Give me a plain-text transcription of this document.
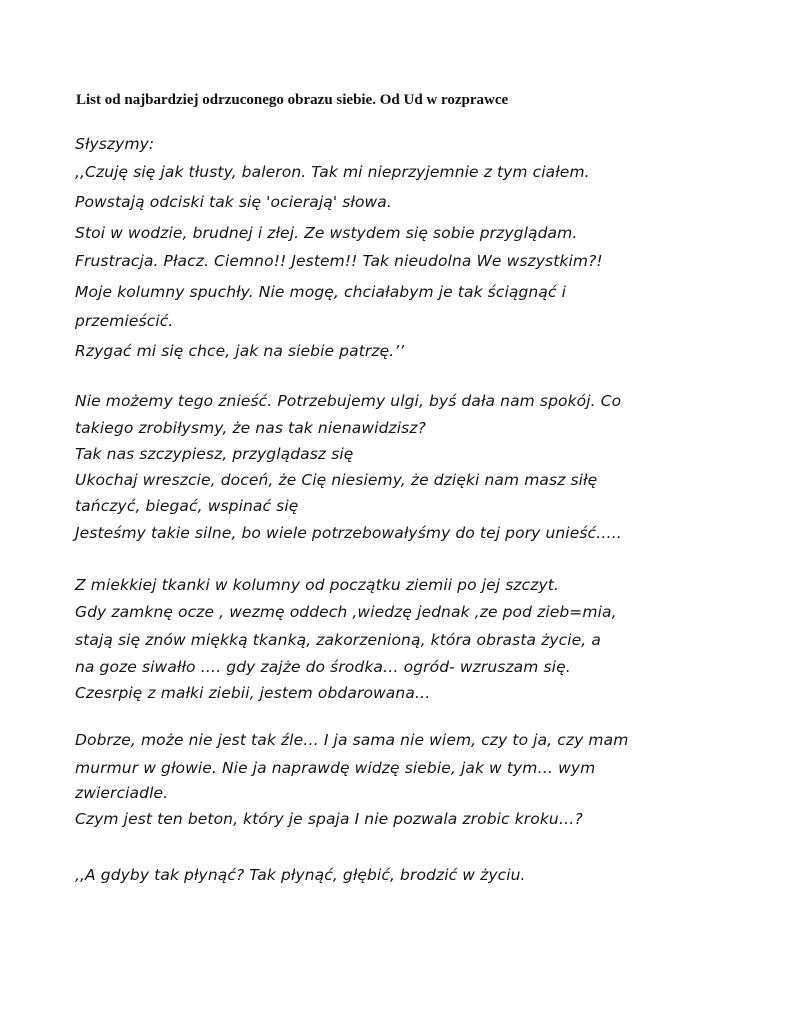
List od najbardziej odrzuconego obrazu siebie. Od Ud w rozprawce
Słyszymy:
,,Czuję się jak tłusty, baleron. Tak mi nieprzyjemnie z tym ciałem.
Powstają odciski tak się 'ocierają' słowa.
Stoi w wodzie, brudnej i złej. Ze wstydem się sobie przyglądam.
Frustracja. Płacz. Ciemno!! Jestem!! Tak nieudolna We wszystkim?!
Moje kolumny spuchły. Nie mogę, chciałabym je tak ściągnąć i
przemieścić.
Rzygać mi się chce, jak na siebie patrzę.’’
Nie możemy tego znieść. Potrzebujemy ulgi, byś dała nam spokój. Co
takiego zrobiłysmy, że nas tak nienawidzisz?
Tak nas szczypiesz, przyglądasz się
Ukochaj wreszcie, doceń, że Cię niesiemy, że dzięki nam masz siłę
tańczyć, biegać, wspinać się
Jesteśmy takie silne, bo wiele potrzebowałyśmy do tej pory unieść…..
Z miekkiej tkanki w kolumny od początku ziemii po jej szczyt.
Gdy zamknę ocze , wezmę oddech ,wiedzę jednak ,ze pod zieb=mia,
stają się znów miękką tkanką, zakorzenioną, która obrasta życie, a
na goze siwałło …. gdy zajże do środka… ogród- wzruszam się.
Czesrpię z małki ziebii, jestem obdarowana…
Dobrze, może nie jest tak źle… I ja sama nie wiem, czy to ja, czy mam
murmur w głowie. Nie ja naprawdę widzę siebie, jak w tym… wym
zwierciadle.
Czym jest ten beton, który je spaja I nie pozwala zrobic kroku…?
,,A gdyby tak płynąć? Tak płynąć, głębić, brodzić w życiu.
